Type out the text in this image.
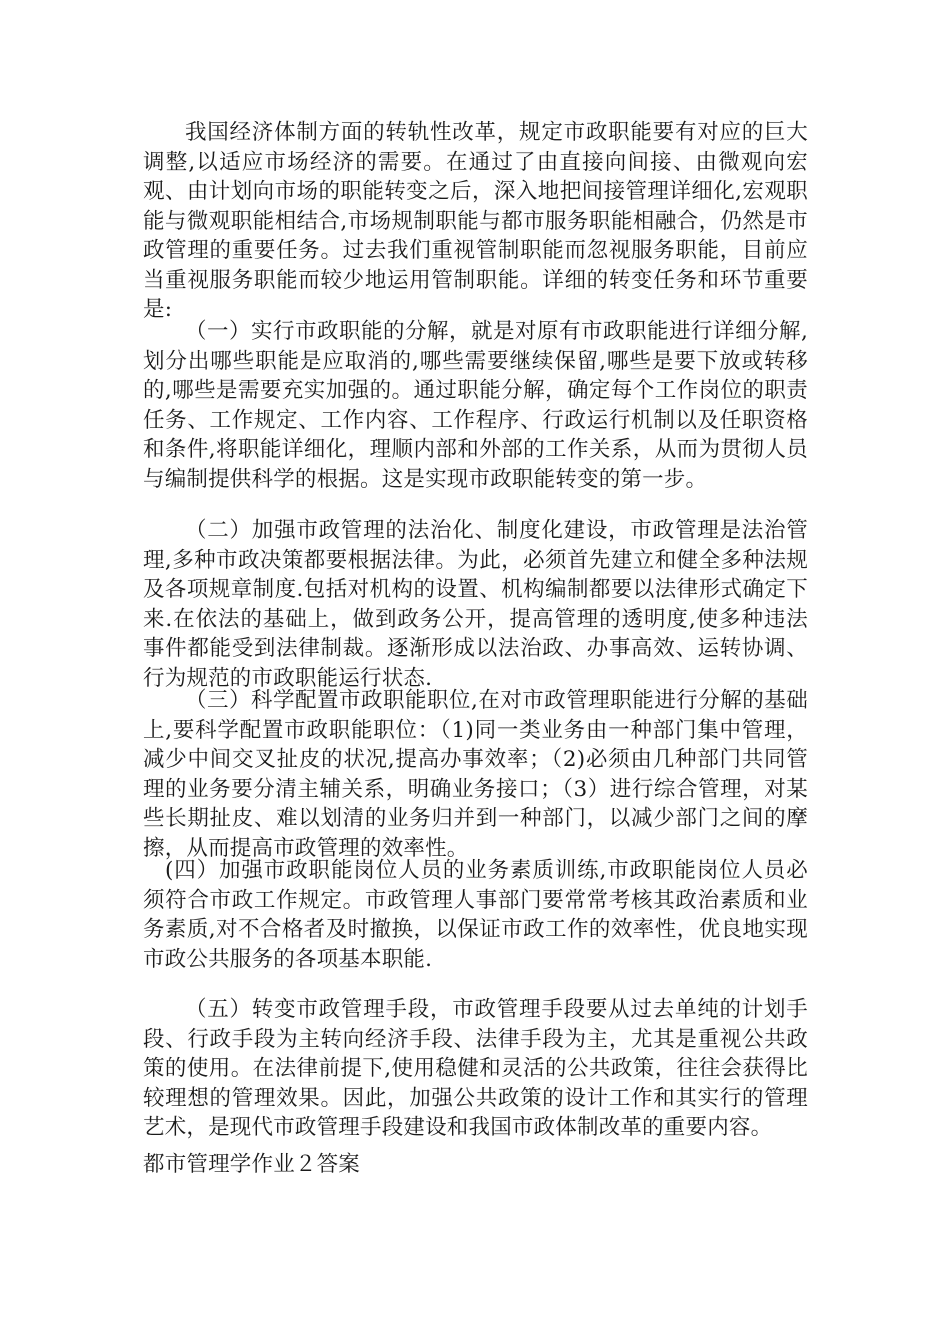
我国经济体制方面的转轨性改革，规定市政职能要有对应的巨大调整,以适应市场经济的需要。在通过了由直接向间接、由微观向宏观、由计划向市场的职能转变之后，深入地把间接管理详细化,宏观职能与微观职能相结合,市场规制职能与都市服务职能相融合，仍然是市政管理的重要任务。过去我们重视管制职能而忽视服务职能，目前应当重视服务职能而较少地运用管制职能。详细的转变任务和环节重要是:

（一）实行市政职能的分解，就是对原有市政职能进行详细分解,划分出哪些职能是应取消的,哪些需要继续保留,哪些是要下放或转移的,哪些是需要充实加强的。通过职能分解，确定每个工作岗位的职责任务、工作规定、工作内容、工作程序、行政运行机制以及任职资格和条件,将职能详细化，理顺内部和外部的工作关系，从而为贯彻人员与编制提供科学的根据。这是实现市政职能转变的第一步。

（二）加强市政管理的法治化、制度化建设，市政管理是法治管理,多种市政决策都要根据法律。为此，必须首先建立和健全多种法规及各项规章制度.包括对机构的设置、机构编制都要以法律形式确定下来.在依法的基础上，做到政务公开，提高管理的透明度,使多种违法事件都能受到法律制裁。逐渐形成以法治政、办事高效、运转协调、行为规范的市政职能运行状态.

（三）科学配置市政职能职位,在对市政管理职能进行分解的基础上,要科学配置市政职能职位：（1)同一类业务由一种部门集中管理，减少中间交叉扯皮的状况,提高办事效率；（2)必须由几种部门共同管理的业务要分清主辅关系，明确业务接口；（3）进行综合管理，对某些长期扯皮、难以划清的业务归并到一种部门，以减少部门之间的摩擦，从而提高市政管理的效率性。

(四）加强市政职能岗位人员的业务素质训练,市政职能岗位人员必须符合市政工作规定。市政管理人事部门要常常考核其政治素质和业务素质,对不合格者及时撤换，以保证市政工作的效率性，优良地实现市政公共服务的各项基本职能.

（五）转变市政管理手段，市政管理手段要从过去单纯的计划手段、行政手段为主转向经济手段、法律手段为主，尤其是重视公共政策的使用。在法律前提下,使用稳健和灵活的公共政策，往往会获得比较理想的管理效果。因此，加强公共政策的设计工作和其实行的管理艺术，是现代市政管理手段建设和我国市政体制改革的重要内容。

都市管理学作业２答案
